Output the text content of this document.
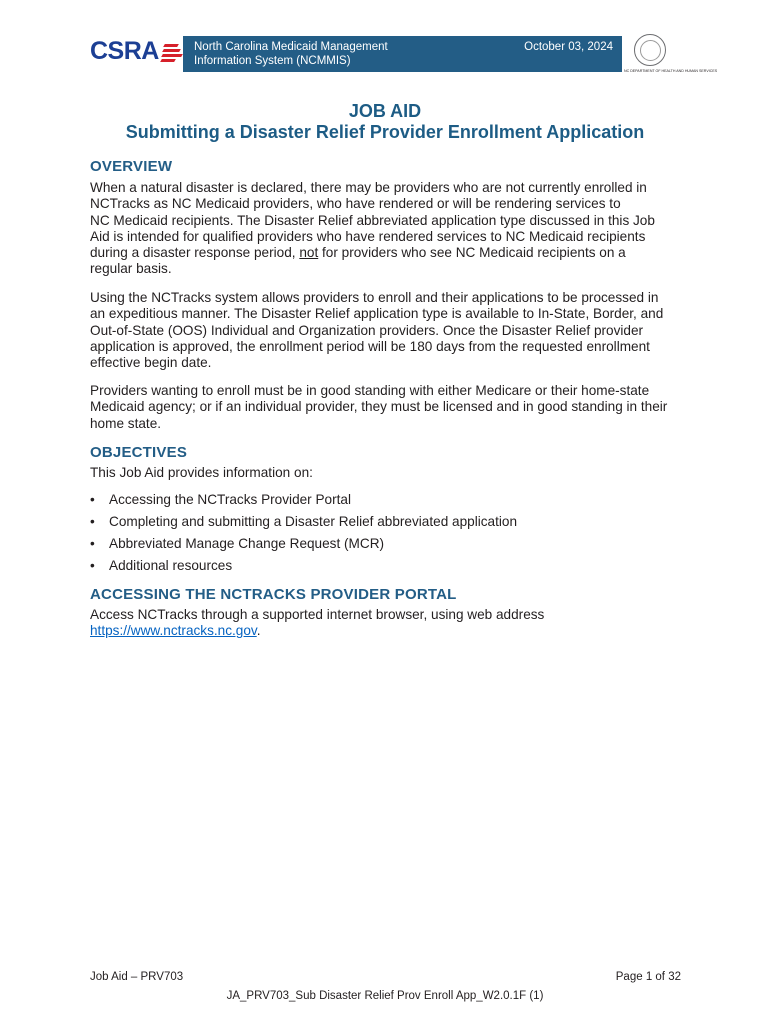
CSRA	North Carolina Medicaid Management
Information System (NCMMIS)
October 03, 2024
NC DEPARTMENT OF HEALTH AND HUMAN SERVICES
JOB AID
Submitting a Disaster Relief Provider Enrollment Application
OVERVIEW
When a natural disaster is declared, there may be providers who are not currently enrolled in
NCTracks as NC Medicaid providers, who have rendered or will be rendering services to
NC Medicaid recipients. The Disaster Relief abbreviated application type discussed in this Job
Aid is intended for qualified providers who have rendered services to NC Medicaid recipients
during a disaster response period, not for providers who see NC Medicaid recipients on a
regular basis.
Using the NCTracks system allows providers to enroll and their applications to be processed in
an expeditious manner. The Disaster Relief application type is available to In-State, Border, and
Out-of-State (OOS) Individual and Organization providers. Once the Disaster Relief provider
application is approved, the enrollment period will be 180 days from the requested enrollment
effective begin date.
Providers wanting to enroll must be in good standing with either Medicare or their home-state
Medicaid agency; or if an individual provider, they must be licensed and in good standing in their
home state.
OBJECTIVES
This Job Aid provides information on:
• Accessing the NCTracks Provider Portal
• Completing and submitting a Disaster Relief abbreviated application
• Abbreviated Manage Change Request (MCR)
• Additional resources
ACCESSING THE NCTRACKS PROVIDER PORTAL
Access NCTracks through a supported internet browser, using web address
https://www.nctracks.nc.gov.
Job Aid – PRV703	Page 1 of 32
JA_PRV703_Sub Disaster Relief Prov Enroll App_W2.0.1F (1)
